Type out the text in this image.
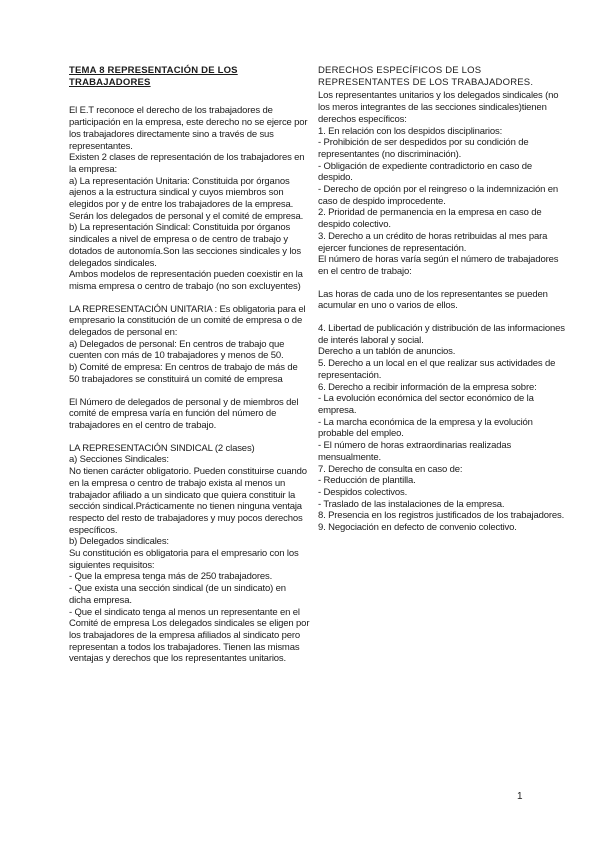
TEMA 8 REPRESENTACIÓN DE LOS TRABAJADORES

El E.T reconoce el derecho de los trabajadores de participación en la empresa, este derecho no se ejerce por los trabajadores directamente sino a través de sus representantes.

Existen 2 clases de representación de los trabajadores en la empresa:

a) La representación Unitaria: Constituida por órganos ajenos a la estructura sindical y cuyos miembros son elegidos por y de entre los trabajadores de la empresa. Serán los delegados de personal y el comité de empresa.

b) La representación Sindical: Constituida por órganos sindicales a nivel de empresa o de centro de trabajo y dotados de autonomía.Son las secciones sindicales y los delegados sindicales.

Ambos modelos de representación pueden coexistir en la misma empresa o centro de trabajo (no son excluyentes)

LA REPRESENTACIÓN UNITARIA : Es obligatoria para el empresario la constitución de un comité de empresa o de delegados de personal en:

a) Delegados de personal: En centros de trabajo que cuenten con más de 10 trabajadores y menos de 50.

b) Comité de empresa: En centros de trabajo de más de 50 trabajadores se constituirá un comité de empresa

El Número de delegados de personal y de miembros del comité de empresa varía en función del número de trabajadores en el centro de trabajo.

LA REPRESENTACIÓN SINDICAL (2 clases)

a) Secciones Sindicales:

No tienen carácter obligatorio. Pueden constituirse cuando en la empresa o centro de trabajo exista al menos un trabajador afiliado a un sindicato que quiera constituir la sección sindical.Prácticamente no tienen ninguna ventaja respecto del resto de trabajadores y muy pocos derechos específicos.

b) Delegados sindicales:

Su constitución es obligatoria para el empresario con los siguientes requisitos:

- Que la empresa tenga más de 250 trabajadores.

- Que exista una sección sindical (de un sindicato) en dicha empresa.

- Que el sindicato tenga al menos un representante en el Comité de empresa Los delegados sindicales se eligen por los trabajadores de la empresa afiliados al sindicato pero representan a todos los trabajadores. Tienen las mismas ventajas y derechos que los representantes unitarios.

DERECHOS ESPECÍFICOS DE LOS REPRESENTANTES DE LOS TRABAJADORES.

Los representantes unitarios y los delegados sindicales (no los meros integrantes de las secciones sindicales)tienen derechos específicos:

1. En relación con los despidos disciplinarios:

- Prohibición de ser despedidos por su condición de representantes (no discriminación).

- Obligación de expediente contradictorio en caso de despido.

- Derecho de opción por el reingreso o la indemnización en caso de despido improcedente.

2. Prioridad de permanencia en la empresa en caso de despido colectivo.

3. Derecho a un crédito de horas retribuidas al mes para ejercer funciones de representación.

El número de horas varía según el número de trabajadores en el centro de trabajo:

Las horas de cada uno de los representantes se pueden acumular en uno o varios de ellos.

4. Libertad de publicación y distribución de las informaciones de interés laboral y social.

Derecho a un tablón de anuncios.

5. Derecho a un local en el que realizar sus actividades de representación.

6. Derecho a recibir información de la empresa sobre:

- La evolución económica del sector económico de la empresa.

- La marcha económica de la empresa y la evolución probable del empleo.

- El número de horas extraordinarias realizadas mensualmente.

7. Derecho de consulta en caso de:

- Reducción de plantilla.

- Despidos colectivos.

- Traslado de las instalaciones de la empresa.

8. Presencia en los registros justificados de los trabajadores.

9. Negociación en defecto de convenio colectivo.

1
